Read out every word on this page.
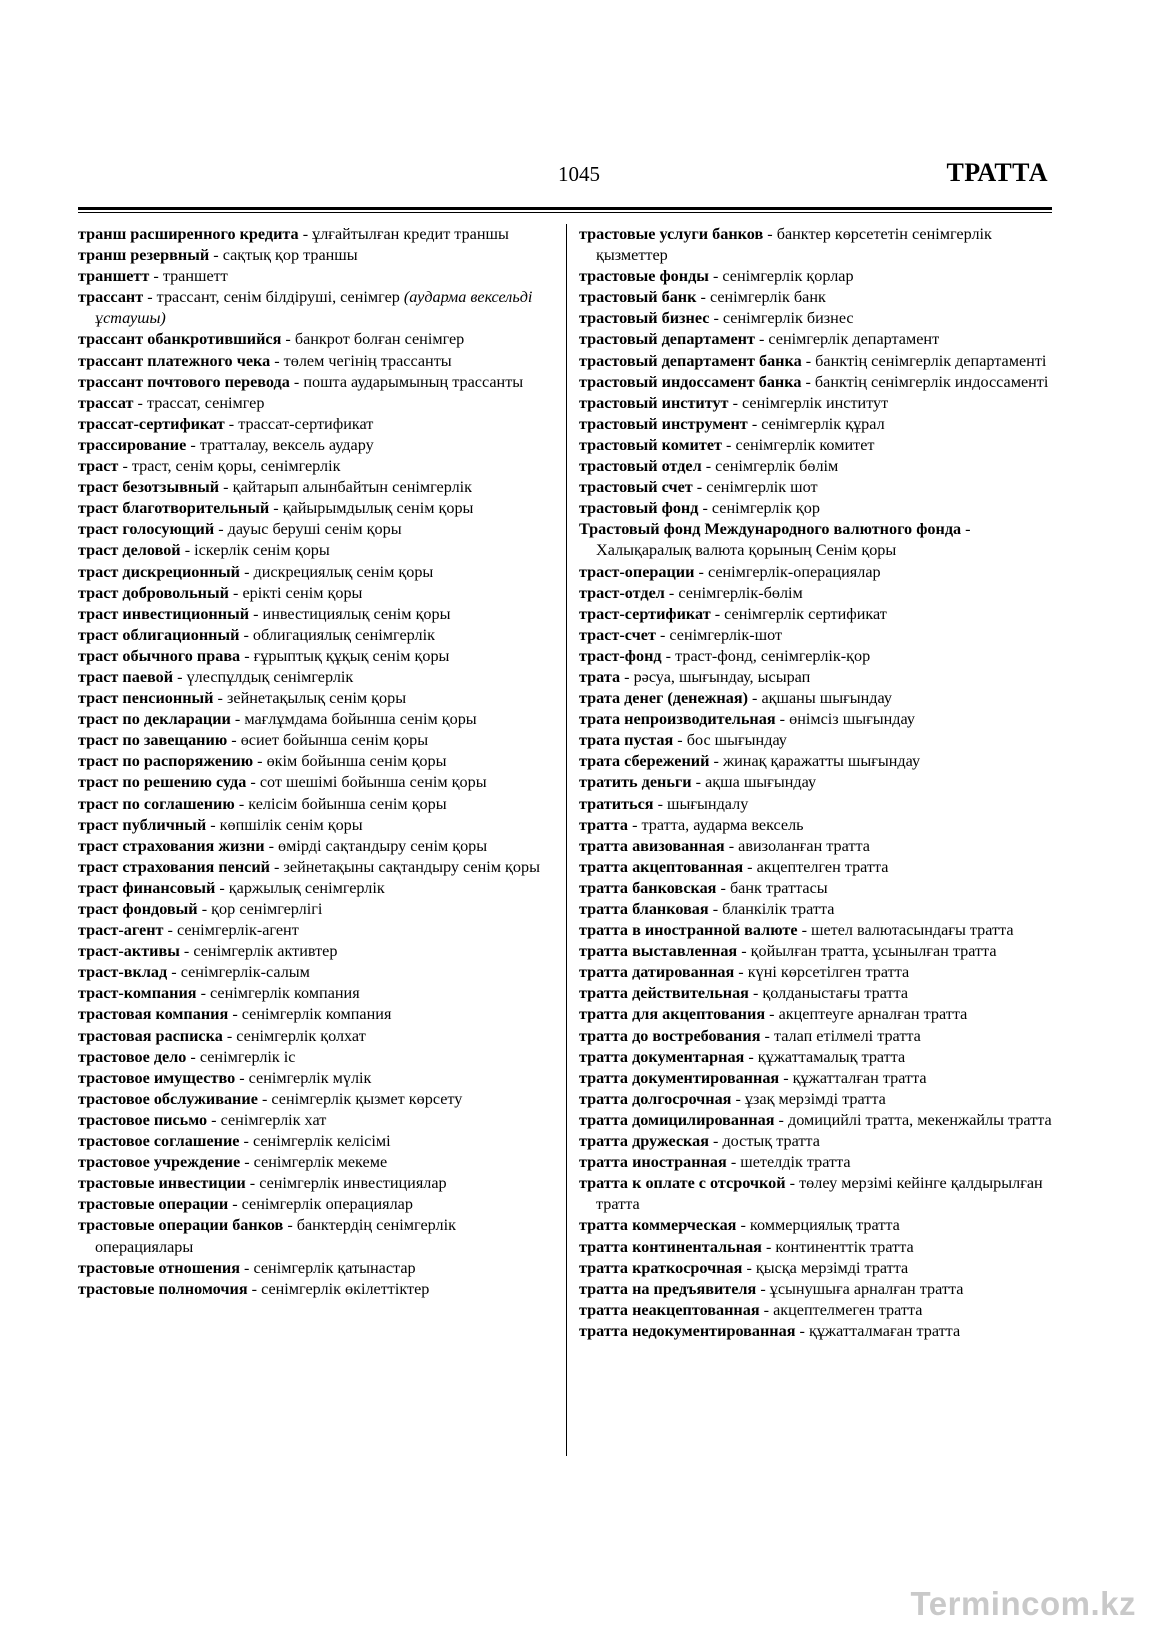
1045	ТРАТТА
транш расширенного кредита - ұлғайтылған кредит траншы
транш резервный - сақтық қор траншы
траншетт - траншетт
трассант - трассант, сенім білдіруші, сенімгер (аударма вексельді ұстаушы)
трассант обанкротившийся - банкрот болған сенімгер
трассант платежного чека - төлем чегінің трассанты
трассант почтового перевода - пошта аударымының трассанты
трассат - трассат, сенімгер
трассат-сертификат - трассат-сертификат
трассирование - тратталау, вексель аудару
траст - траст, сенім қоры, сенімгерлік
траст безотзывный - қайтарып алынбайтын сенімгерлік
траст благотворительный - қайырымдылық сенім қоры
траст голосующий - дауыс беруші сенім қоры
траст деловой - іскерлік сенім қоры
траст дискреционный - дискрециялық сенім қоры
траст добровольный - ерікті сенім қоры
траст инвестиционный - инвестициялық сенім қоры
траст облигационный - облигациялық сенімгерлік
траст обычного права - ғұрыптық құқық сенім қоры
траст паевой - үлеспұлдық сенімгерлік
траст пенсионный - зейнетақылық сенім қоры
траст по декларации - мағлұмдама бойынша сенім қоры
траст по завещанию - өсиет бойынша сенім қоры
траст по распоряжению - өкім бойынша сенім қоры
траст по решению суда - сот шешімі бойынша сенім қоры
траст по соглашению - келісім бойынша сенім қоры
траст публичный - көпшілік сенім қоры
траст страхования жизни - өмірді сақтандыру сенім қоры
траст страхования пенсий - зейнетақыны сақтандыру сенім қоры
траст финансовый - қаржылық сенімгерлік
траст фондовый - қор сенімгерлігі
траст-агент - сенімгерлік-агент
траст-активы - сенімгерлік активтер
траст-вклад - сенімгерлік-салым
траст-компания - сенімгерлік компания
трастовая компания - сенімгерлік компания
трастовая расписка - сенімгерлік қолхат
трастовое дело - сенімгерлік іс
трастовое имущество - сенімгерлік мүлік
трастовое обслуживание - сенімгерлік қызмет көрсету
трастовое письмо - сенімгерлік хат
трастовое соглашение - сенімгерлік келісімі
трастовое учреждение - сенімгерлік мекеме
трастовые инвестиции - сенімгерлік инвестициялар
трастовые операции - сенімгерлік операциялар
трастовые операции банков - банктердің сенімгерлік операциялары
трастовые отношения - сенімгерлік қатынастар
трастовые полномочия - сенімгерлік өкілеттіктер
трастовые услуги банков - банктер көрсететін сенімгерлік қызметтер
трастовые фонды - сенімгерлік қорлар
трастовый банк - сенімгерлік банк
трастовый бизнес - сенімгерлік бизнес
трастовый департамент - сенімгерлік департамент
трастовый департамент банка - банктің сенімгерлік департаменті
трастовый индоссамент банка - банктің сенімгерлік индоссаменті
трастовый институт - сенімгерлік институт
трастовый инструмент - сенімгерлік құрал
трастовый комитет - сенімгерлік комитет
трастовый отдел - сенімгерлік бөлім
трастовый счет - сенімгерлік шот
трастовый фонд - сенімгерлік қор
Трастовый фонд Международного валютного фонда - Халықаралық валюта қорының Сенім қоры
траст-операции - сенімгерлік-операциялар
траст-отдел - сенімгерлік-бөлім
траст-сертификат - сенімгерлік сертификат
траст-счет - сенімгерлік-шот
траст-фонд - траст-фонд, сенімгерлік-қор
трата - рәсуа, шығындау, ысырап
трата денег (денежная) - ақшаны шығындау
трата непроизводительная - өнімсіз шығындау
трата пустая - бос шығындау
трата сбережений - жинақ қаражатты шығындау
тратить деньги - ақша шығындау
тратиться - шығындалу
тратта - тратта, аударма вексель
тратта авизованная - авизоланған тратта
тратта акцептованная - акцептелген тратта
тратта банковская - банк траттасы
тратта бланковая - бланкілік тратта
тратта в иностранной валюте - шетел валютасындағы тратта
тратта выставленная - қойылған тратта, ұсынылған тратта
тратта датированная - күні көрсетілген тратта
тратта действительная - қолданыстағы тратта
тратта для акцептования - акцептеуге арналған тратта
тратта до востребования - талап етілмелі тратта
тратта документарная - құжаттамалық тратта
тратта документированная - құжатталған тратта
тратта долгосрочная - ұзақ мерзімді тратта
тратта домицилированная - домицийлі тратта, мекенжайлы тратта
тратта дружеская - достық тратта
тратта иностранная - шетелдік тратта
тратта к оплате с отсрочкой - төлеу мерзімі кейінге қалдырылған тратта
тратта коммерческая - коммерциялық тратта
тратта континентальная - континенттік тратта
тратта краткосрочная - қысқа мерзімді тратта
тратта на предъявителя - ұсынушыға арналған тратта
тратта неакцептованная - акцептелмеген тратта
тратта недокументированная - құжатталмаған тратта
Termincom.kz
